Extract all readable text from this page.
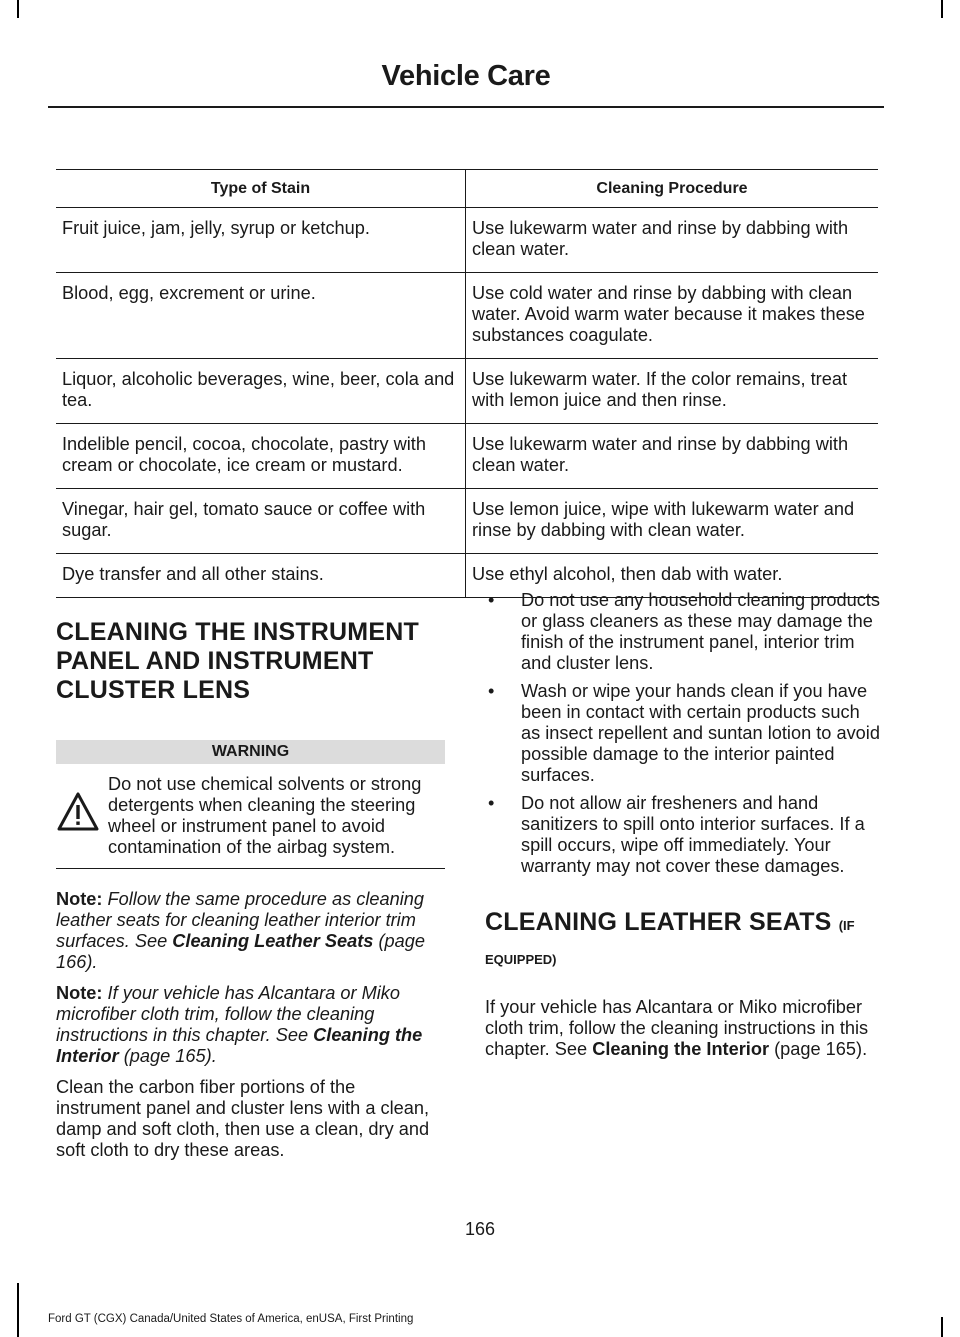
Vehicle Care
Type of Stain	Cleaning Procedure
Fruit juice, jam, jelly, syrup or ketchup.	Use lukewarm water and rinse by dabbing with clean water.
Blood, egg, excrement or urine.	Use cold water and rinse by dabbing with clean water. Avoid warm water because it makes these substances coagulate.
Liquor, alcoholic beverages, wine, beer, cola and tea.	Use lukewarm water. If the color remains, treat with lemon juice and then rinse.
Indelible pencil, cocoa, chocolate, pastry with cream or chocolate, ice cream or mustard.	Use lukewarm water and rinse by dabbing with clean water.
Vinegar, hair gel, tomato sauce or coffee with sugar.	Use lemon juice, wipe with lukewarm water and rinse by dabbing with clean water.
Dye transfer and all other stains.	Use ethyl alcohol, then dab with water.
CLEANING THE INSTRUMENT PANEL AND INSTRUMENT CLUSTER LENS
WARNING
Do not use chemical solvents or strong detergents when cleaning the steering wheel or instrument panel to avoid contamination of the airbag system.

Note: Follow the same procedure as cleaning leather seats for cleaning leather interior trim surfaces. See Cleaning Leather Seats (page 166).

Note: If your vehicle has Alcantara or Miko microfiber cloth trim, follow the cleaning instructions in this chapter. See Cleaning the Interior (page 165).

Clean the carbon fiber portions of the instrument panel and cluster lens with a clean, damp and soft cloth, then use a clean, dry and soft cloth to dry these areas.

• Do not use any household cleaning products or glass cleaners as these may damage the finish of the instrument panel, interior trim and cluster lens.
• Wash or wipe your hands clean if you have been in contact with certain products such as insect repellent and suntan lotion to avoid possible damage to the interior painted surfaces.
• Do not allow air fresheners and hand sanitizers to spill onto interior surfaces. If a spill occurs, wipe off immediately. Your warranty may not cover these damages.
CLEANING LEATHER SEATS (IF EQUIPPED)

If your vehicle has Alcantara or Miko microfiber cloth trim, follow the cleaning instructions in this chapter. See Cleaning the Interior (page 165).

166
Ford GT (CGX) Canada/United States of America, enUSA, First Printing
